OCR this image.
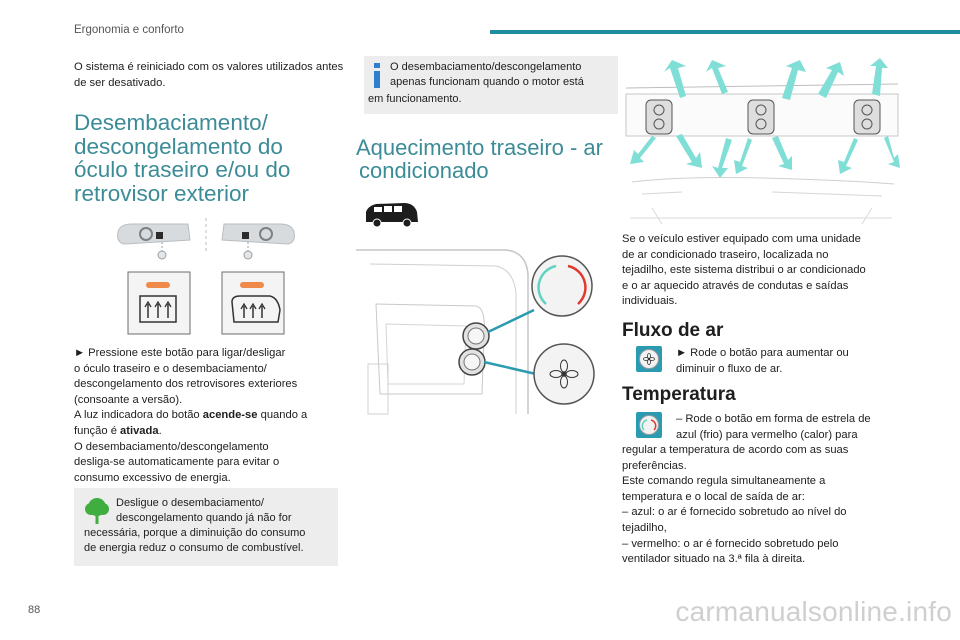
Ergonomia e conforto

O sistema é reiniciado com os valores utilizados antes de ser desativado.

Desembaciamento/ descongelamento do óculo traseiro e/ou do retrovisor exterior

► Pressione este botão para ligar/desligar

o óculo traseiro e o desembaciamento/

descongelamento dos retrovisores exteriores

(consoante a versão).

A luz indicadora do botão acende-se quando a

função é ativada.

O desembaciamento/descongelamento

desliga-se automaticamente para evitar o

consumo excessivo de energia.

Desligue o desembaciamento/

descongelamento quando já não for

necessária, porque a diminuição do consumo

de energia reduz o consumo de combustível.

O desembaciamento/descongelamento

apenas funcionam quando o motor está

em funcionamento.

Aquecimento traseiro - ar
condicionado

Se o veículo estiver equipado com uma unidade

de ar condicionado traseiro, localizada no

tejadilho, este sistema distribui o ar condicionado

e o ar aquecido através de condutas e saídas

individuais.

Fluxo de ar

► Rode o botão para aumentar ou

diminuir o fluxo de ar.

Temperatura

– Rode o botão em forma de estrela de

azul (frio) para vermelho (calor) para

regular a temperatura de acordo com as suas

preferências.

Este comando regula simultaneamente a

temperatura e o local de saída de ar:

– azul: o ar é fornecido sobretudo ao nível do

tejadilho,

– vermelho: o ar é fornecido sobretudo pelo

ventilador situado na 3.ª fila à direita.

88	carmanualsonline.info
